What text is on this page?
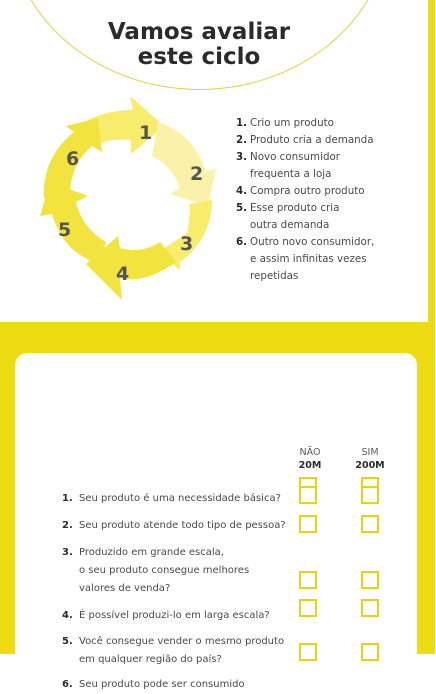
Vamos avaliar
este ciclo
1
2
3
4
5
6
1. Crio um produto
2. Produto cria a demanda
3. Novo consumidor
frequenta a loja
4. Compra outro produto
5. Esse produto cria
outra demanda
6. Outro novo consumidor,
e assim infinitas vezes
repetidas
NÃO
20M
SIM
200M
1. Seu produto é uma necessidade básica?
2. Seu produto atende todo tipo de pessoa?
3. Produzido em grande escala,
o seu produto consegue melhores
valores de venda?
4. É possível produzi-lo em larga escala?
5. Você consegue vender o mesmo produto
em qualquer região do país?
6. Seu produto pode ser consumido
